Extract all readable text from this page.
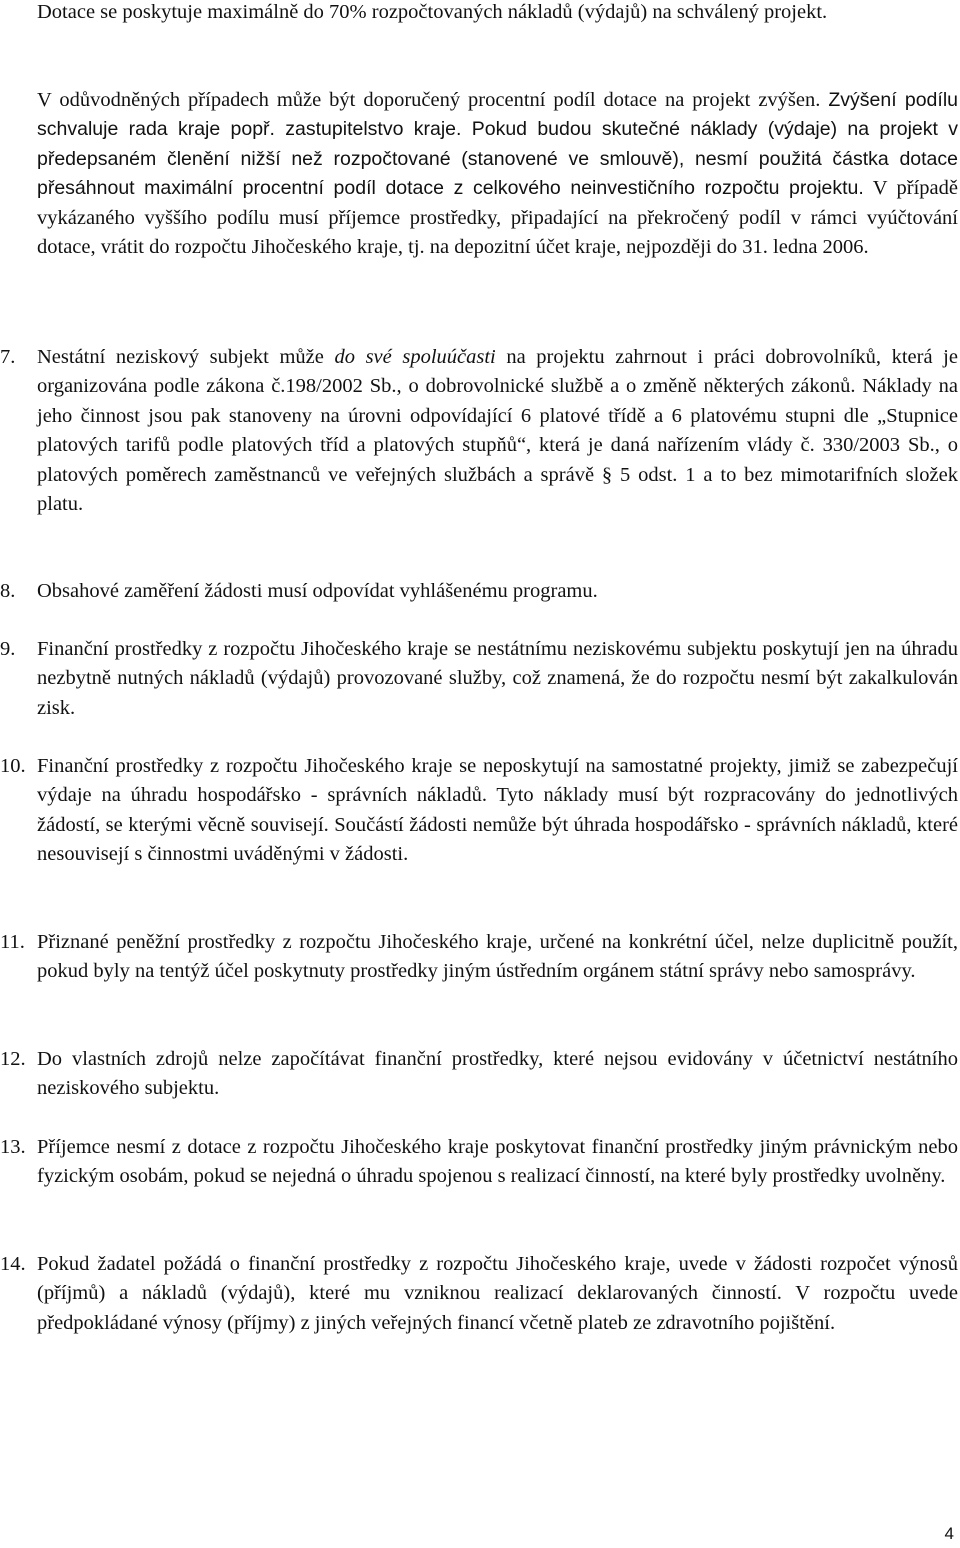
Dotace se poskytuje maximálně do 70% rozpočtovaných nákladů (výdajů) na schválený projekt.

V odůvodněných případech může být doporučený procentní podíl dotace na projekt zvýšen. Zvýšení podílu schvaluje rada kraje popř. zastupitelstvo kraje. Pokud budou skutečné náklady (výdaje) na projekt v předepsaném členění nižší než rozpočtované (stanovené ve smlouvě), nesmí použitá částka dotace přesáhnout maximální procentní podíl dotace z celkového neinvestičního rozpočtu projektu. V případě vykázaného vyššího podílu musí příjemce prostředky, připadající na překročený podíl v rámci vyúčtování dotace, vrátit do rozpočtu Jihočeského kraje, tj. na depozitní účet kraje, nejpozději do 31. ledna 2006.

7. Nestátní neziskový subjekt může do své spoluúčasti na projektu zahrnout i práci dobrovolníků, která je organizována podle zákona č.198/2002 Sb., o dobrovolnické službě a o změně některých zákonů. Náklady na jeho činnost jsou pak stanoveny na úrovni odpovídající 6 platové třídě a 6 platovému stupni dle „Stupnice platových tarifů podle platových tříd a platových stupňů“, která je daná nařízením vlády č. 330/2003 Sb., o platových poměrech zaměstnanců ve veřejných službách a správě § 5 odst. 1 a to bez mimotarifních složek platu.

8. Obsahové zaměření žádosti musí odpovídat vyhlášenému programu.

9. Finanční prostředky z rozpočtu Jihočeského kraje se nestátnímu neziskovému subjektu poskytují jen na úhradu nezbytně nutných nákladů (výdajů) provozované služby, což znamená, že do rozpočtu nesmí být zakalkulován zisk.

10. Finanční prostředky z rozpočtu Jihočeského kraje se neposkytují na samostatné projekty, jimiž se zabezpečují výdaje na úhradu hospodářsko - správních nákladů. Tyto náklady musí být rozpracovány do jednotlivých žádostí, se kterými věcně souvisejí. Součástí žádosti nemůže být úhrada hospodářsko - správních nákladů, které nesouvisejí s činnostmi uváděnými v žádosti.

11. Přiznané peněžní prostředky z rozpočtu Jihočeského kraje, určené na konkrétní účel, nelze duplicitně použít, pokud byly na tentýž účel poskytnuty prostředky jiným ústředním orgánem státní správy nebo samosprávy.

12. Do vlastních zdrojů nelze započítávat finanční prostředky, které nejsou evidovány v účetnictví nestátního neziskového subjektu.

13. Příjemce nesmí z dotace z rozpočtu Jihočeského kraje poskytovat finanční prostředky jiným právnickým nebo fyzickým osobám, pokud se nejedná o úhradu spojenou s realizací činností, na které byly prostředky uvolněny.

14. Pokud žadatel požádá o finanční prostředky z rozpočtu Jihočeského kraje, uvede v žádosti rozpočet výnosů (příjmů) a nákladů (výdajů), které mu vzniknou realizací deklarovaných činností. V rozpočtu uvede předpokládané výnosy (příjmy) z jiných veřejných financí včetně plateb ze zdravotního pojištění.

4
